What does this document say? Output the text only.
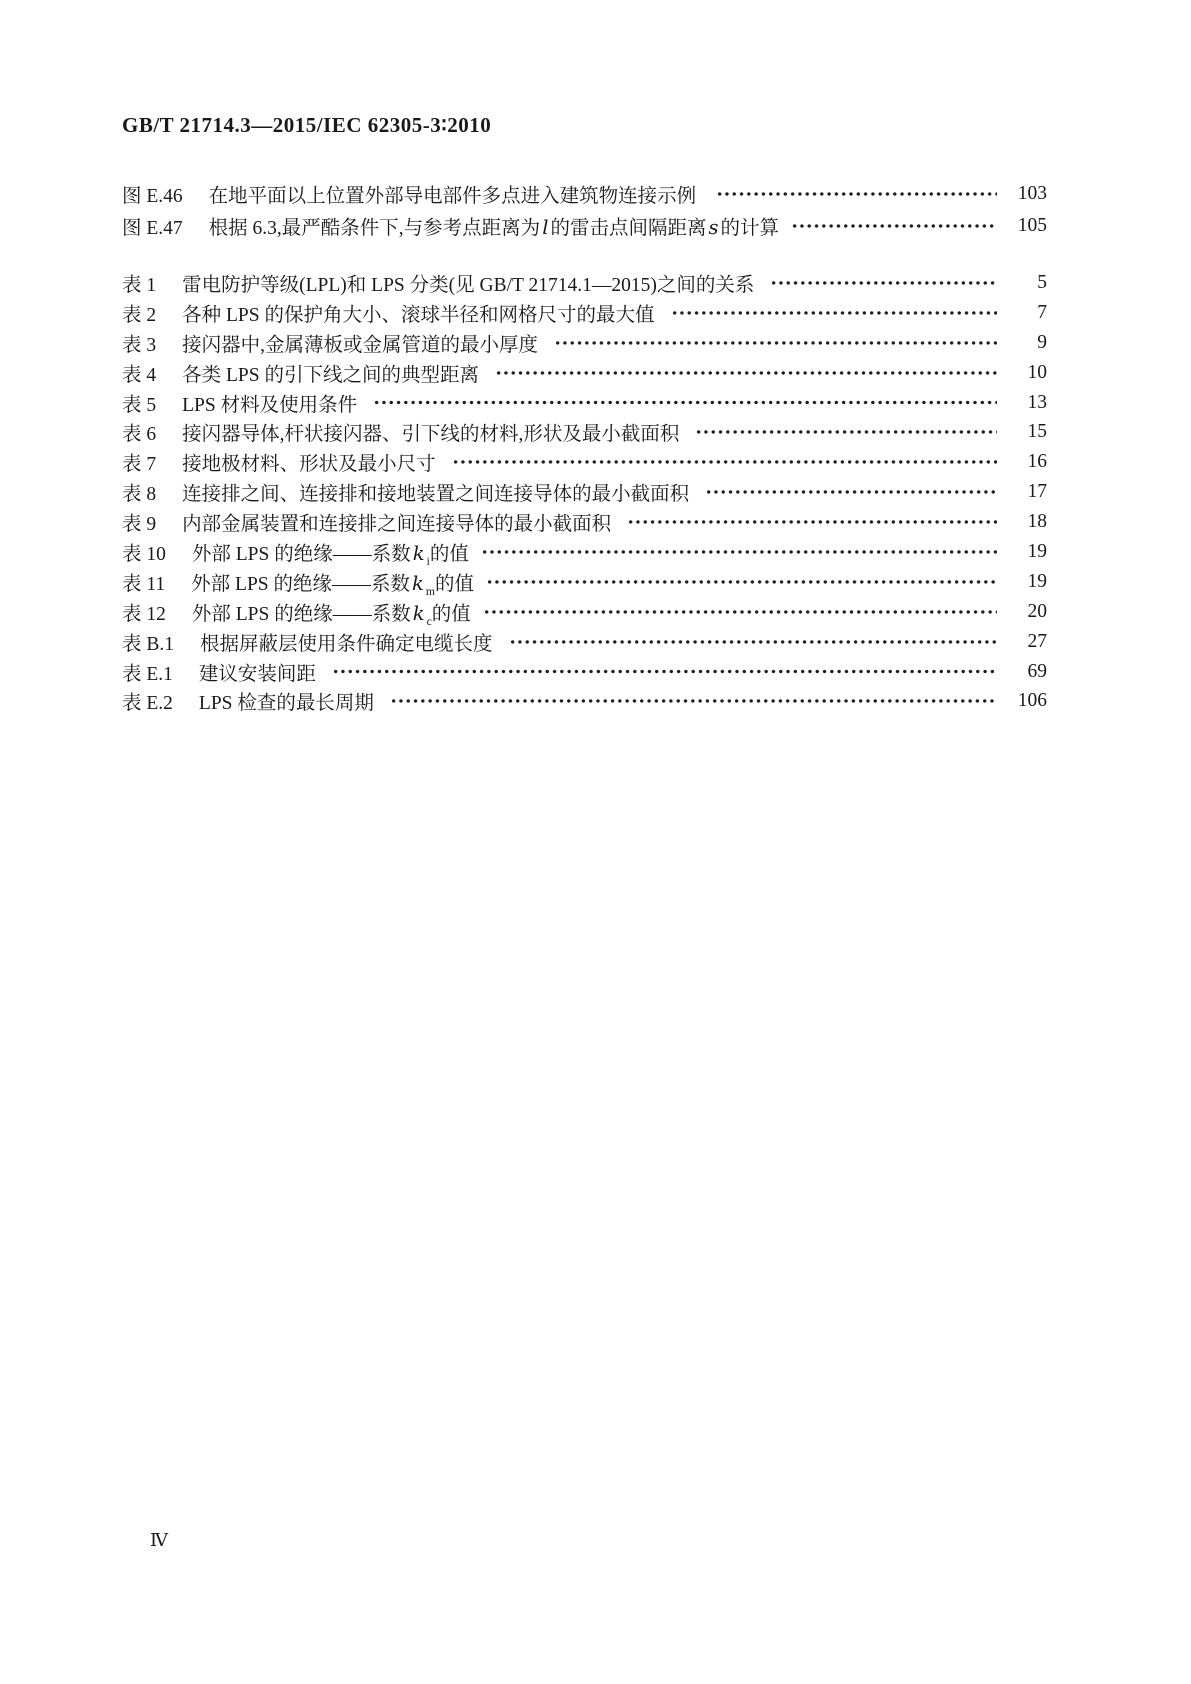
GB/T 21714.3—2015/IEC 62305-3∶2010
图 E.46 在地平面以上位置外部导电部件多点进入建筑物连接示例	103
图 E.47 根据 6.3,最严酷条件下,与参考点距离为 l 的雷击点间隔距离 s 的计算	105
表 1 雷电防护等级(LPL)和 LPS 分类(见 GB/T 21714.1—2015)之间的关系	5
表 2 各种 LPS 的保护角大小、滚球半径和网格尺寸的最大值	7
表 3 接闪器中,金属薄板或金属管道的最小厚度	9
表 4 各类 LPS 的引下线之间的典型距离	10
表 5 LPS 材料及使用条件	13
表 6 接闪器导体,杆状接闪器、引下线的材料,形状及最小截面积	15
表 7 接地极材料、形状及最小尺寸	16
表 8 连接排之间、连接排和接地装置之间连接导体的最小截面积	17
表 9 内部金属装置和连接排之间连接导体的最小截面积	18
表 10 外部 LPS 的绝缘——系数 k $_i$的值	19
表 11 外部 LPS 的绝缘——系数 k $_m$的值	19
表 12 外部 LPS 的绝缘——系数 k $_c$的值	20
表 B.1 根据屏蔽层使用条件确定电缆长度	27
表 E.1 建议安装间距	69
表 E.2 LPS 检查的最长周期	106
Ⅳ
